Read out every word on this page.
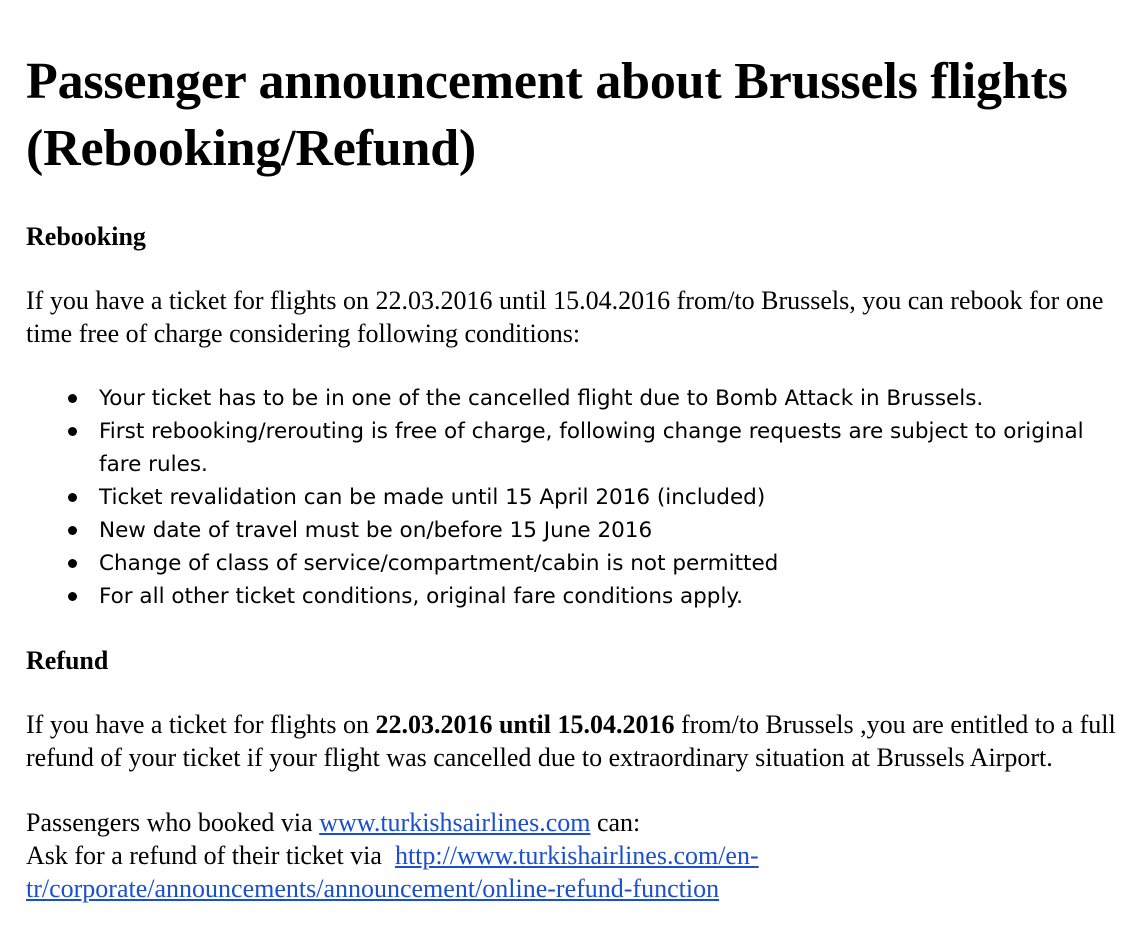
Passenger announcement about Brussels flights (Rebooking/Refund)
Rebooking

If you have a ticket for flights on 22.03.2016 until 15.04.2016 from/to Brussels, you can rebook for one time free of charge considering following conditions:

Your ticket has to be in one of the cancelled flight due to Bomb Attack in Brussels.
First rebooking/rerouting is free of charge, following change requests are subject to original fare rules.
Ticket revalidation can be made until 15 April 2016 (included)
New date of travel must be on/before 15 June 2016
Change of class of service/compartment/cabin is not permitted
For all other ticket conditions, original fare conditions apply.
Refund

If you have a ticket for flights on 22.03.2016 until 15.04.2016 from/to Brussels ,you are entitled to a full refund of your ticket if your flight was cancelled due to extraordinary situation at Brussels Airport.

Passengers who booked via www.turkishsairlines.com can:
Ask for a refund of their ticket via  http://www.turkishairlines.com/en-
tr/corporate/announcements/announcement/online-refund-function
